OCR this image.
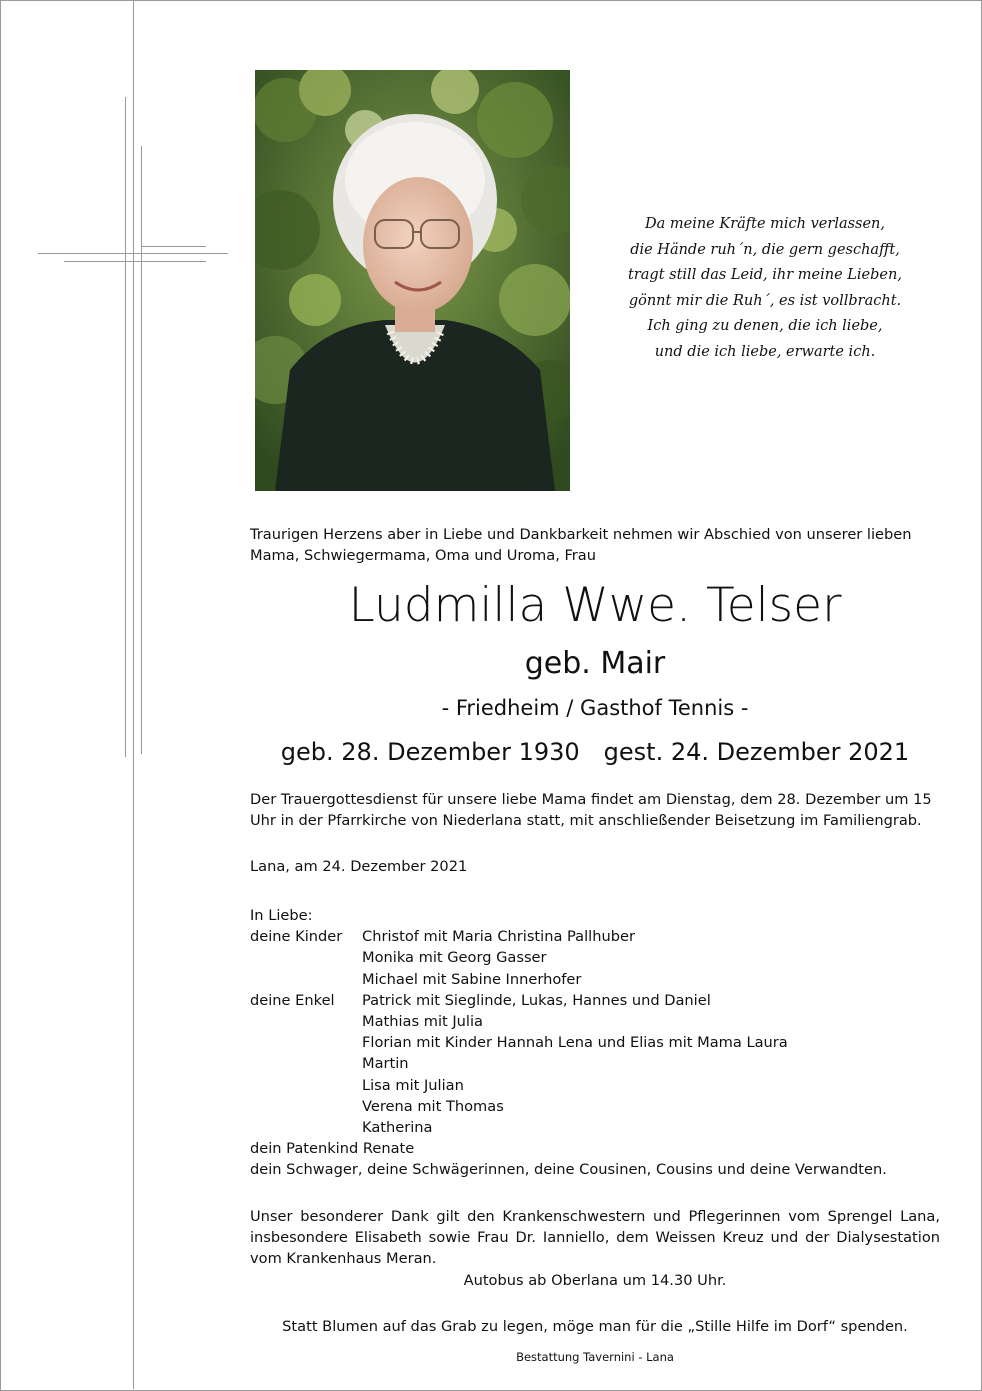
Da meine Kräfte mich verlassen,
die Hände ruh´n, die gern geschafft,
tragt still das Leid, ihr meine Lieben,
gönnt mir die Ruh´, es ist vollbracht.
Ich ging zu denen, die ich liebe,
und die ich liebe, erwarte ich.
Traurigen Herzens aber in Liebe und Dankbarkeit nehmen wir Abschied von unserer lieben
Mama, Schwiegermama, Oma und Uroma, Frau
Ludmilla Wwe. Telser
geb. Mair
- Friedheim / Gasthof Tennis -
geb. 28. Dezember 1930 gest. 24. Dezember 2021
Der Trauergottesdienst für unsere liebe Mama findet am Dienstag, dem 28. Dezember um 15 Uhr in der Pfarrkirche von Niederlana statt, mit anschließender Beisetzung im Familiengrab.
Lana, am 24. Dezember 2021
In Liebe:
deine Kinder Christof mit Maria Christina Pallhuber
Monika mit Georg Gasser
Michael mit Sabine Innerhofer
deine Enkel Patrick mit Sieglinde, Lukas, Hannes und Daniel
Mathias mit Julia
Florian mit Kinder Hannah Lena und Elias mit Mama Laura
Martin
Lisa mit Julian
Verena mit Thomas
Katherina
dein Patenkind Renate
dein Schwager, deine Schwägerinnen, deine Cousinen, Cousins und deine Verwandten.
Unser besonderer Dank gilt den Krankenschwestern und Pflegerinnen vom Sprengel Lana, insbesondere Elisabeth sowie Frau Dr. Ianniello, dem Weissen Kreuz und der Dialysestation vom Krankenhaus Meran.
Autobus ab Oberlana um 14.30 Uhr.
Statt Blumen auf das Grab zu legen, möge man für die „Stille Hilfe im Dorf“ spenden.
Bestattung Tavernini - Lana
